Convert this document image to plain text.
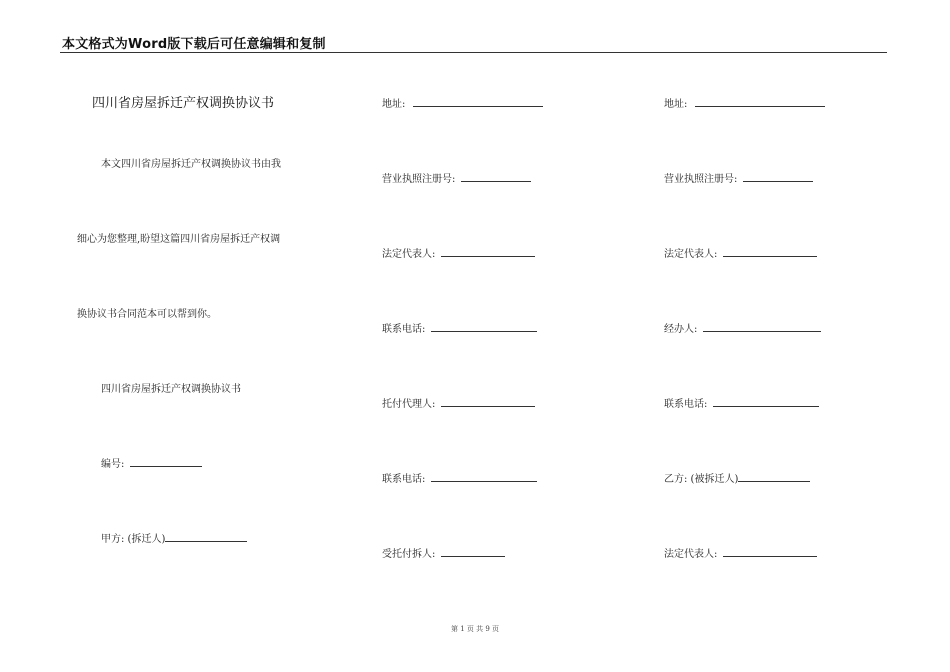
本文格式为Word版下载后可任意编辑和复制
四川省房屋拆迁产权调换协议书
本文四川省房屋拆迁产权调换协议书由我
细心为您整理,盼望这篇四川省房屋拆迁产权调
换协议书合同范本可以帮到你。
四川省房屋拆迁产权调换协议书
编号:
甲方: (拆迁人)
地址:
营业执照注册号:
法定代表人:
联系电话:
托付代理人:
联系电话:
受托付拆人:
地址:
营业执照注册号:
法定代表人:
经办人:
联系电话:
乙方: (被拆迁人)
法定代表人:
第 1 页 共 9 页
